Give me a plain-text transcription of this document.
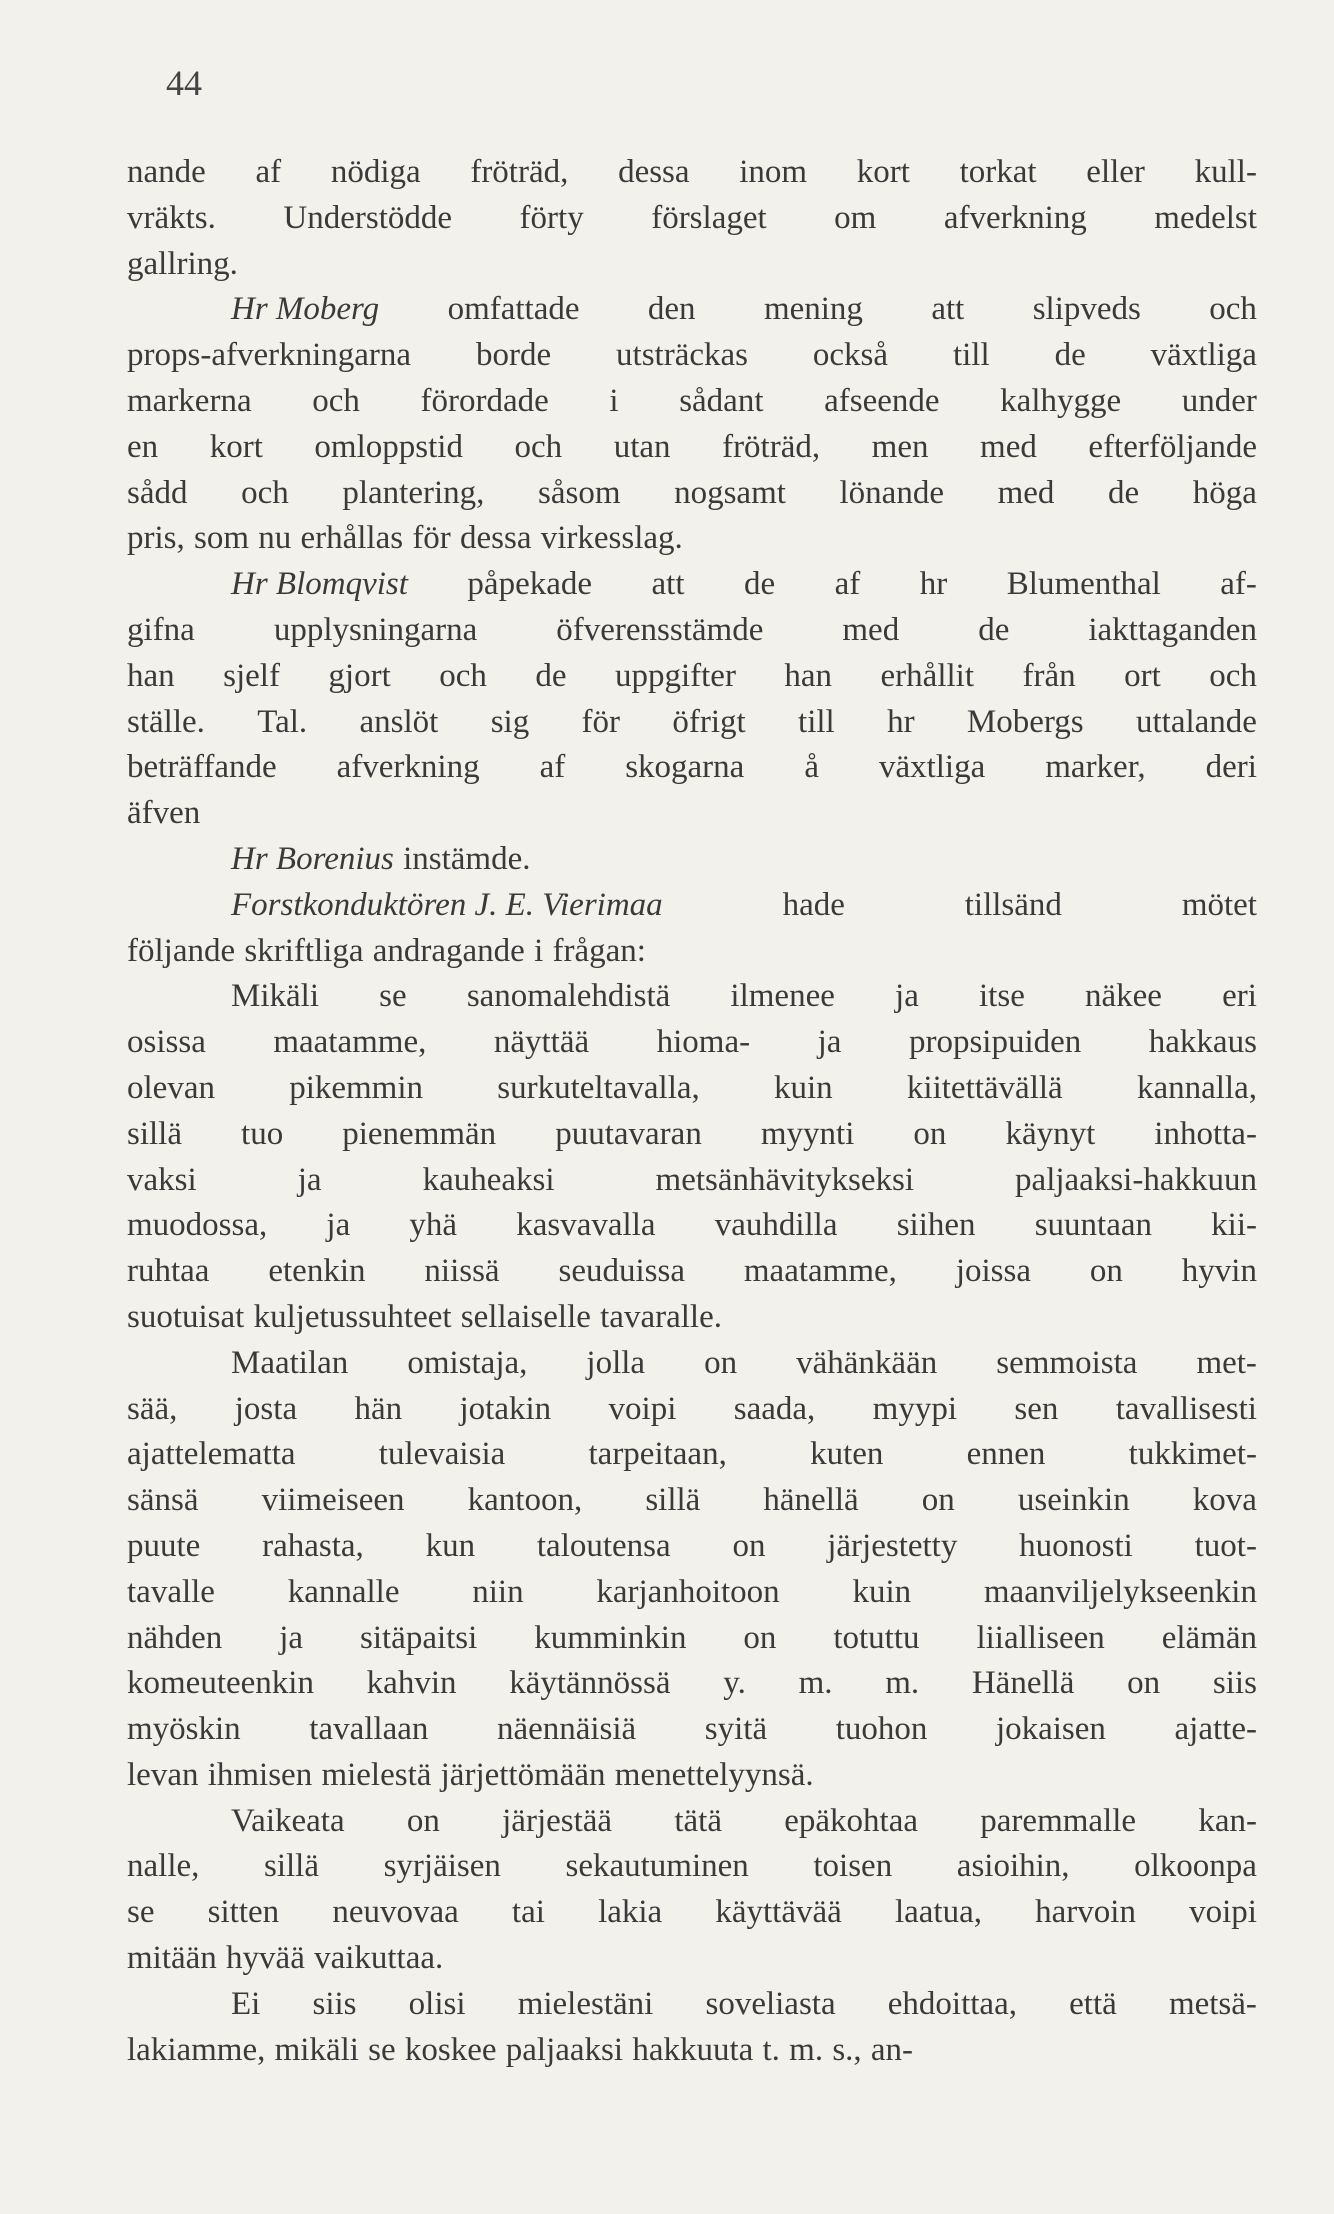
44
nande af nödiga fröträd, dessa inom kort torkat eller kull-
vräkts. Understödde förty förslaget om afverkning medelst
gallring.
Hr Moberg omfattade den mening att slipveds och
props-afverkningarna borde utsträckas också till de växtliga
markerna och förordade i sådant afseende kalhygge under
en kort omloppstid och utan fröträd, men med efterföljande
sådd och plantering, såsom nogsamt lönande med de höga
pris, som nu erhållas för dessa virkesslag.
Hr Blomqvist påpekade att de af hr Blumenthal af-
gifna upplysningarna öfverensstämde med de iakttaganden
han sjelf gjort och de uppgifter han erhållit från ort och
ställe. Tal. anslöt sig för öfrigt till hr Mobergs uttalande
beträffande afverkning af skogarna å växtliga marker, deri
äfven
Hr Borenius instämde.
Forstkonduktören J. E. Vierimaa	hade	tillsänd	mötet
följande skriftliga andragande i frågan:
Mikäli se sanomalehdistä ilmenee ja itse näkee eri
osissa maatamme, näyttää hioma- ja propsipuiden hakkaus
olevan pikemmin surkuteltavalla, kuin kiitettävällä kannalla,
sillä tuo pienemmän puutavaran myynti on käynyt inhotta-
vaksi	ja	kauheaksi	metsänhävitykseksi	paljaaksi-hakkuun
muodossa, ja yhä kasvavalla vauhdilla siihen suuntaan kii-
ruhtaa etenkin niissä seuduissa maatamme, joissa on hyvin
suotuisat kuljetussuhteet sellaiselle tavaralle.
Maatilan omistaja, jolla on vähänkään semmoista met-
sää, josta hän jotakin voipi saada, myypi sen tavallisesti
ajattelematta	tulevaisia	tarpeitaan,	kuten	ennen	tukkimet-
sänsä viimeiseen kantoon, sillä hänellä on useinkin kova
puute rahasta, kun taloutensa on järjestetty huonosti tuot-
tavalle kannalle niin karjanhoitoon kuin maanviljelykseenkin
nähden ja sitäpaitsi kumminkin on totuttu liialliseen elämän
komeuteenkin kahvin käytännössä y. m. m. Hänellä on siis
myöskin tavallaan näennäisiä syitä tuohon jokaisen ajatte-
levan ihmisen mielestä järjettömään menettelyynsä.
Vaikeata on järjestää tätä epäkohtaa paremmalle kan-
nalle, sillä syrjäisen sekautuminen toisen asioihin, olkoonpa
se sitten neuvovaa tai lakia käyttävää laatua, harvoin voipi
mitään hyvää vaikuttaa.
Ei siis olisi mielestäni soveliasta ehdoittaa, että metsä-
lakiamme, mikäli se koskee paljaaksi hakkuuta t. m. s., an-
